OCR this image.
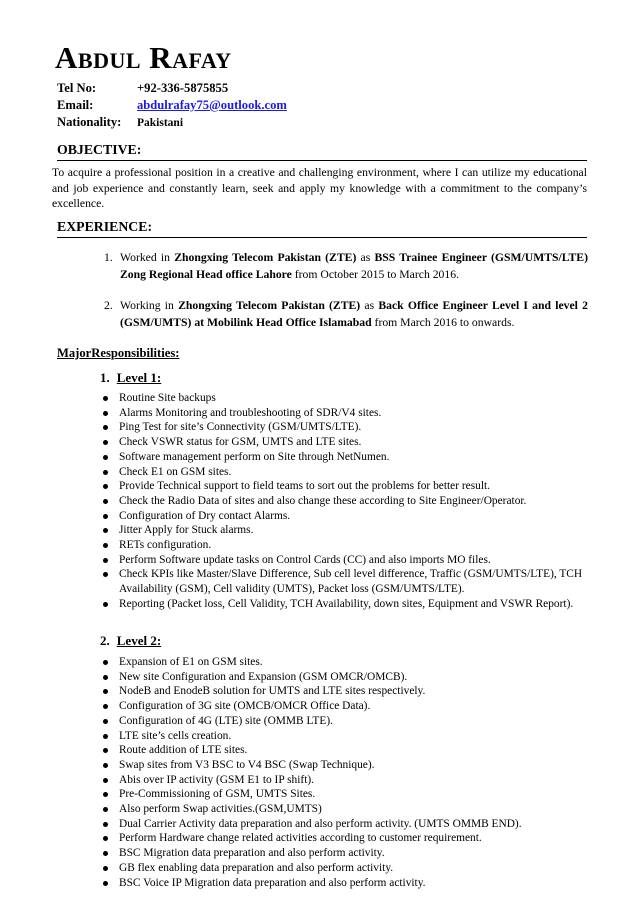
ABDUL RAFAY
Tel No:	+92-336-5875855
Email:	abdulrafay75@outlook.com
Nationality: Pakistani
OBJECTIVE:
To acquire a professional position in a creative and challenging environment, where I can utilize my educational and job experience and constantly learn, seek and apply my knowledge with a commitment to the company’s excellence.
EXPERIENCE:
1. Worked in Zhongxing Telecom Pakistan (ZTE) as BSS Trainee Engineer (GSM/UMTS/LTE) Zong Regional Head office Lahore from October 2015 to March 2016.
2. Working in Zhongxing Telecom Pakistan (ZTE) as Back Office Engineer Level I and level 2 (GSM/UMTS) at Mobilink Head Office Islamabad from March 2016 to onwards.
MajorResponsibilities:
1. Level 1:
Routine Site backups
Alarms Monitoring and troubleshooting of SDR/V4 sites.
Ping Test for site’s Connectivity (GSM/UMTS/LTE).
Check VSWR status for GSM, UMTS and LTE sites.
Software management perform on Site through NetNumen.
Check E1 on GSM sites.
Provide Technical support to field teams to sort out the problems for better result.
Check the Radio Data of sites and also change these according to Site Engineer/Operator.
Configuration of Dry contact Alarms.
Jitter Apply for Stuck alarms.
RETs configuration.
Perform Software update tasks on Control Cards (CC) and also imports MO files.
Check KPIs like Master/Slave Difference, Sub cell level difference, Traffic (GSM/UMTS/LTE), TCH Availability (GSM), Cell validity (UMTS), Packet loss (GSM/UMTS/LTE).
Reporting (Packet loss, Cell Validity, TCH Availability, down sites, Equipment and VSWR Report).
2. Level 2:
Expansion of E1 on GSM sites.
New site Configuration and Expansion (GSM OMCR/OMCB).
NodeB and EnodeB solution for UMTS and LTE sites respectively.
Configuration of 3G site (OMCB/OMCR Office Data).
Configuration of 4G (LTE) site (OMMB LTE).
LTE site’s cells creation.
Route addition of LTE sites.
Swap sites from V3 BSC to V4 BSC (Swap Technique).
Abis over IP activity (GSM E1 to IP shift).
Pre-Commissioning of GSM, UMTS Sites.
Also perform Swap activities.(GSM,UMTS)
Dual Carrier Activity data preparation and also perform activity. (UMTS OMMB END).
Perform Hardware change related activities according to customer requirement.
BSC Migration data preparation and also perform activity.
GB flex enabling data preparation and also perform activity.
BSC Voice IP Migration data preparation and also perform activity.
